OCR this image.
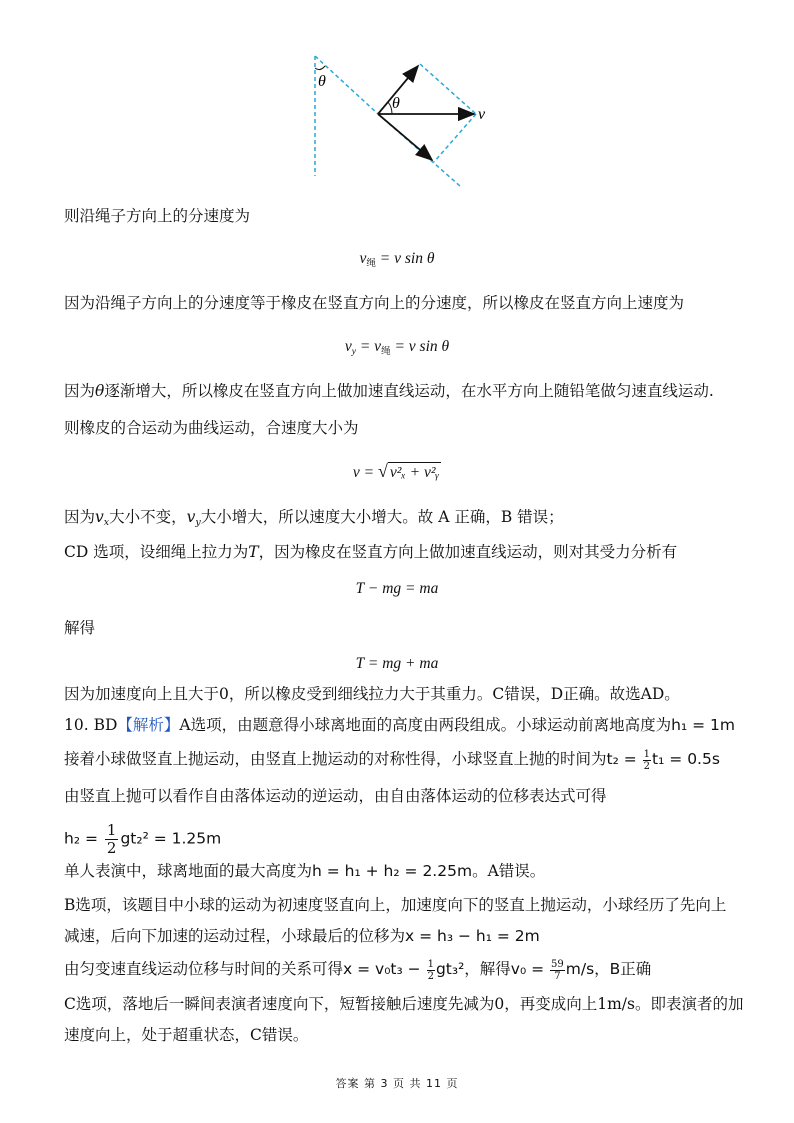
θ
θ
v
则沿绳子方向上的分速度为
$v_绳 = v$ sin θ
因为沿绳子方向上的分速度等于橡皮在竖直方向上的分速度，所以橡皮在竖直方向上速度为
vy = $v_绳 = v$ sin θ
因为θ逐渐增大，所以橡皮在竖直方向上做加速直线运动，在水平方向上随铅笔做匀速直线运动.
则橡皮的合运动为曲线运动，合速度大小为
v = √ v²ₓ + v²ᵧ
因为vx大小不变，vy大小增大，所以速度大小增大。故 A 正确，B 错误；
CD 选项，设细绳上拉力为T，因为橡皮在竖直方向上做加速直线运动，则对其受力分析有
T − mg = ma
解得
T = mg + ma
因为加速度向上且大于0，所以橡皮受到细线拉力大于其重力。C错误，D正确。故选AD。
10. BD【解析】A选项，由题意得小球离地面的高度由两段组成。小球运动前离地高度为h₁ = 1m
接着小球做竖直上抛运动，由竖直上抛运动的对称性得，小球竖直上抛的时间为$t_2 = \frac{1}{2} t_1 = 0.5s$
由竖直上抛可以看作自由落体运动的逆运动，由自由落体运动的位移表达式可得
$h_2 = \frac{1}{2} gt_2^2 = 1.25m$
单人表演中，球离地面的最大高度为h = h₁ + h₂ = 2.25m。A错误。
B选项，该题目中小球的运动为初速度竖直向上，加速度向下的竖直上抛运动，小球经历了先向上
减速，后向下加速的运动过程，小球最后的位移为x = h₃ − h₁ = 2m
由匀变速直线运动位移与时间的关系可得$x = v_0t_3 - \frac{1}{2} gt_3^2$，解得$v_0 = \frac{59}{7} m/s$，B正确
C选项，落地后一瞬间表演者速度向下，短暂接触后速度先减为0，再变成向上1m/s。即表演者的加
速度向上，处于超重状态，C错误。
答案 第 3 页 共 11 页
